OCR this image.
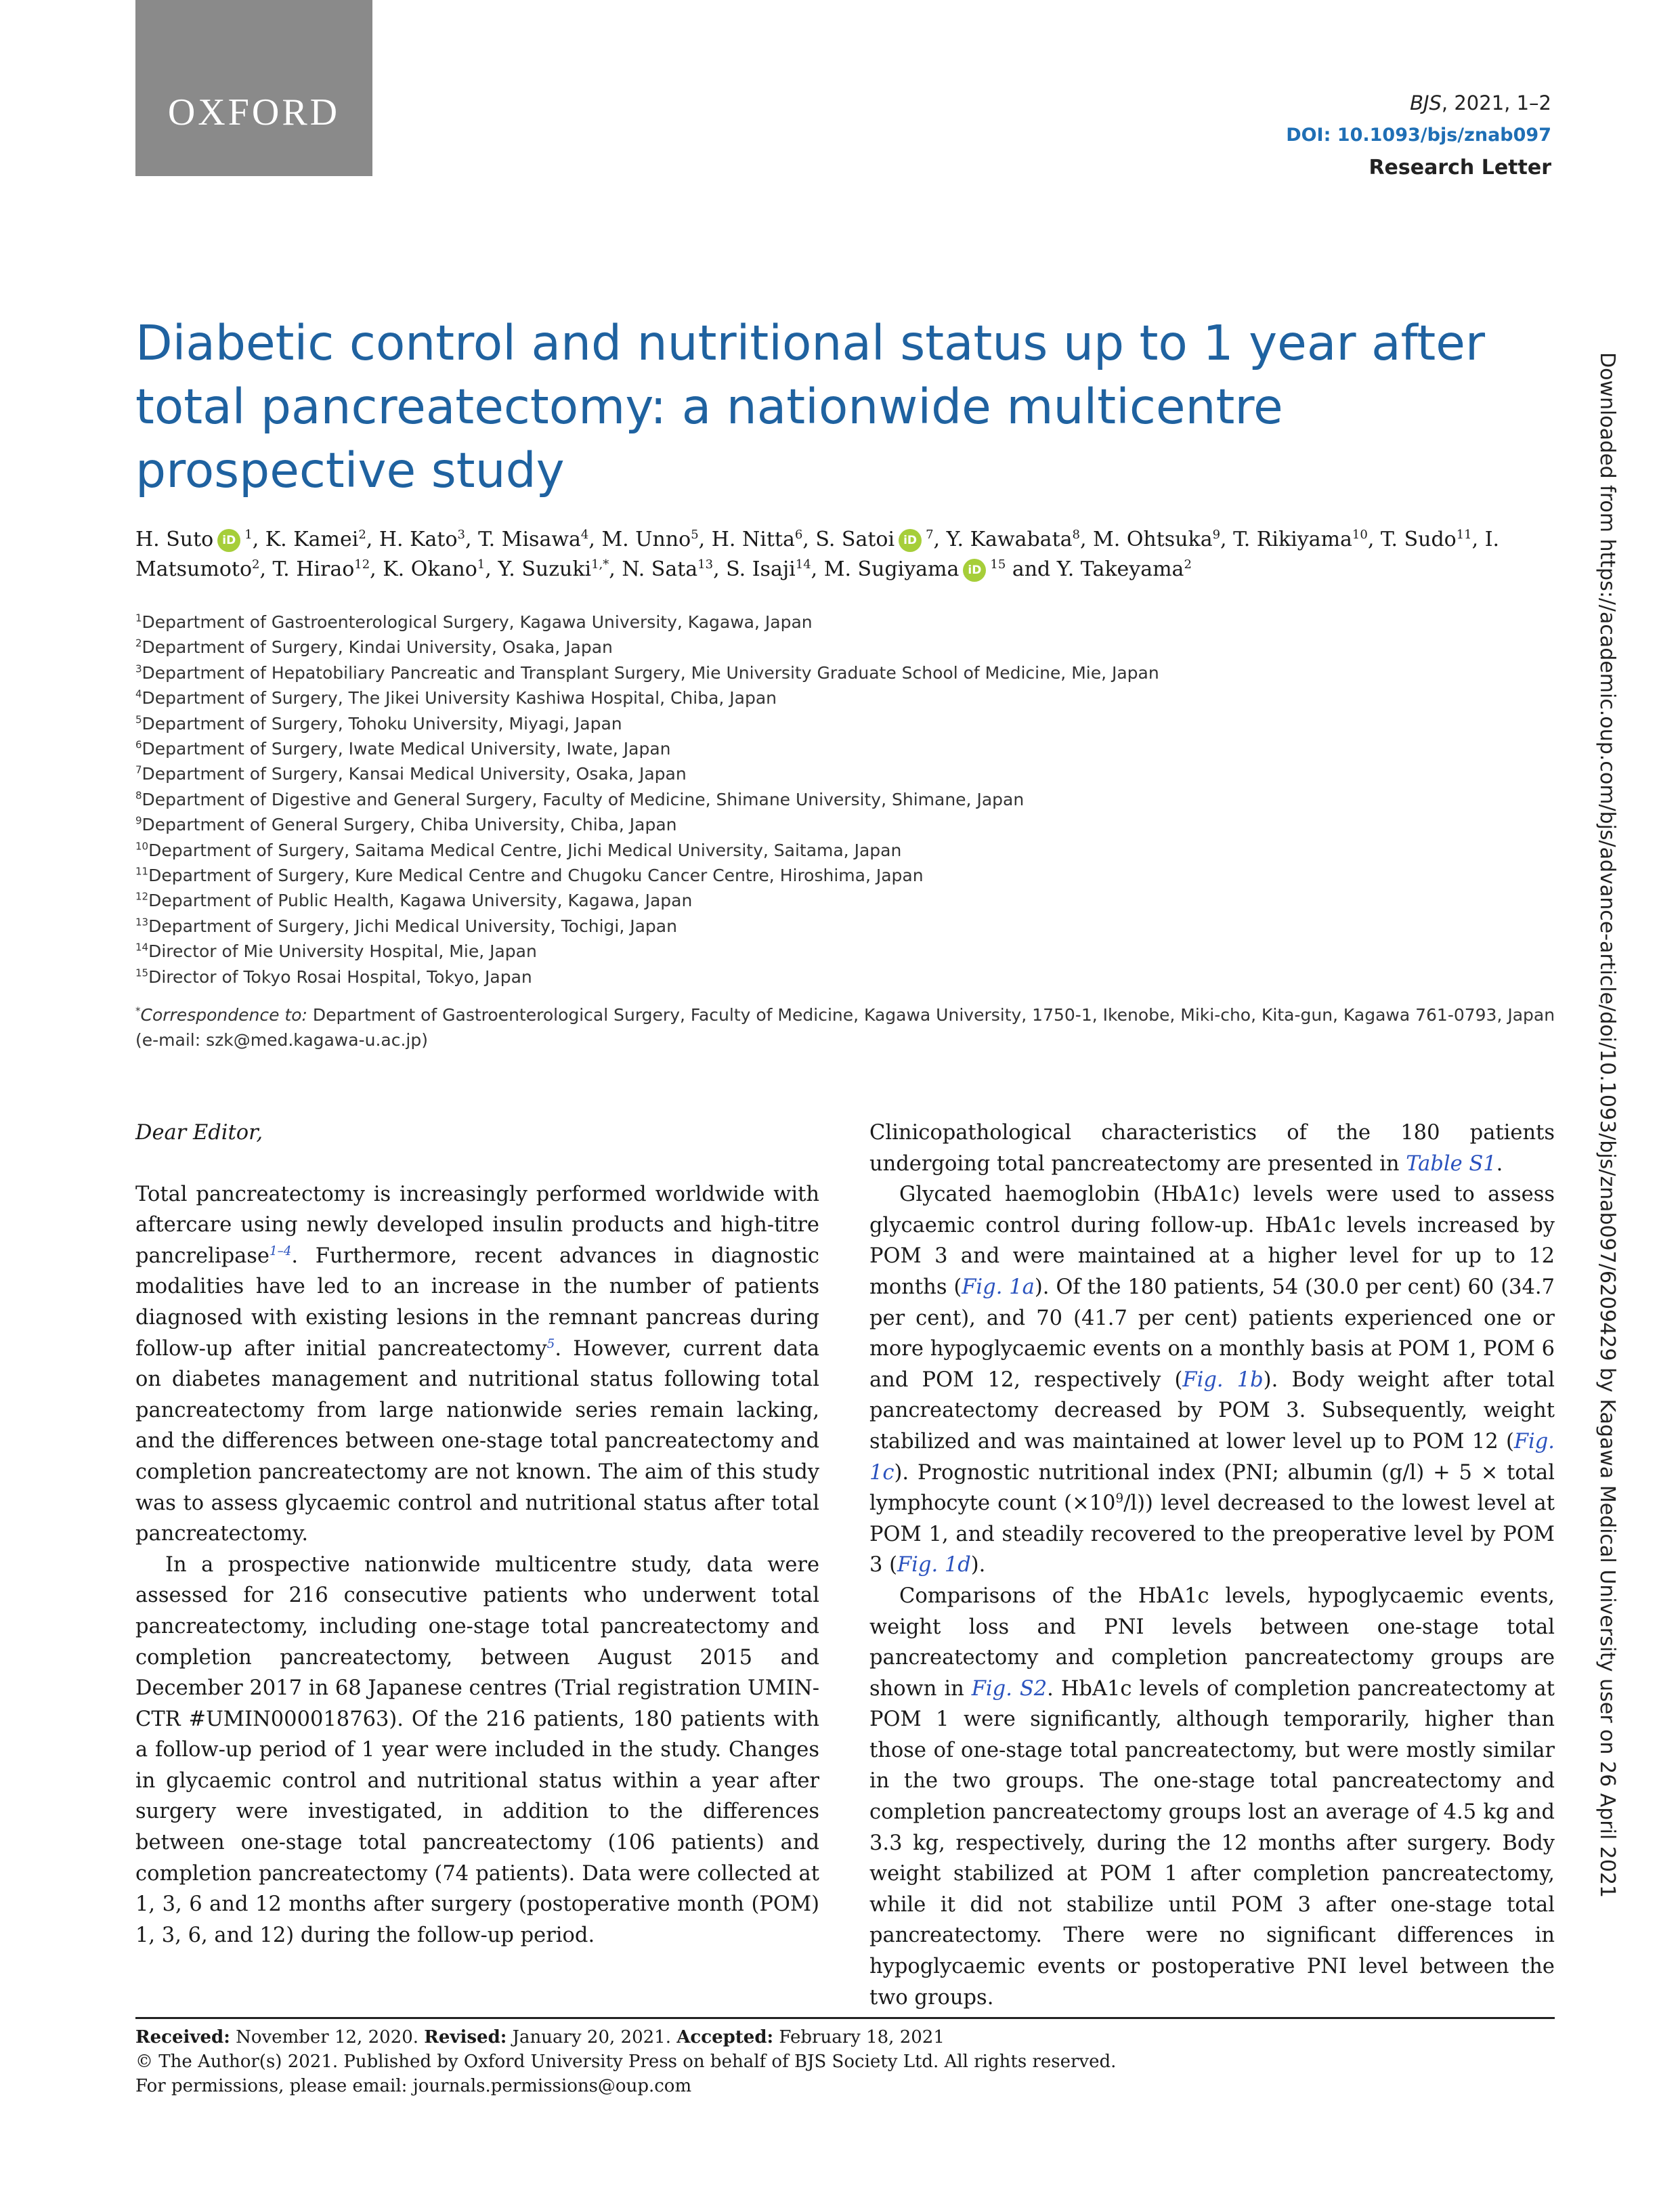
OXFORD	BJS, 2021, 1–2
DOI: 10.1093/bjs/znab097
Research Letter
Downloaded from https://academic.oup.com/bjs/advance-article/doi/10.1093/bjs/znab097/6209429 by Kagawa Medical University user on 26 April 2021
Diabetic control and nutritional status up to 1 year after total pancreatectomy: a nationwide multicentre prospective study
H. Suto iD $^1$, K. Kamei$^2$, H. Kato$^3$, T. Misawa$^4$, M. Unno$^5$, H. Nitta$^6$, S. Satoi iD $^7$, Y. Kawabata$^8$, M. Ohtsuka$^9$, T. Rikiyama$^{10}$, T. Sudo$^{11}$, I. Matsumoto$^2$, T. Hirao$^{12}$, K. Okano$^1$, Y. Suzuki$^{1,*}$, N. Sata$^{13}$, S. Isaji$^{14}$, M. Sugiyama iD $^{15}$ and Y. Takeyama$^2$
$^1$Department of Gastroenterological Surgery, Kagawa University, Kagawa, Japan
$^2$Department of Surgery, Kindai University, Osaka, Japan
$^3$Department of Hepatobiliary Pancreatic and Transplant Surgery, Mie University Graduate School of Medicine, Mie, Japan
$^4$Department of Surgery, The Jikei University Kashiwa Hospital, Chiba, Japan
$^5$Department of Surgery, Tohoku University, Miyagi, Japan
$^6$Department of Surgery, Iwate Medical University, Iwate, Japan
$^7$Department of Surgery, Kansai Medical University, Osaka, Japan
$^8$Department of Digestive and General Surgery, Faculty of Medicine, Shimane University, Shimane, Japan
$^9$Department of General Surgery, Chiba University, Chiba, Japan
$^{10}$Department of Surgery, Saitama Medical Centre, Jichi Medical University, Saitama, Japan
$^{11}$Department of Surgery, Kure Medical Centre and Chugoku Cancer Centre, Hiroshima, Japan
$^{12}$Department of Public Health, Kagawa University, Kagawa, Japan
$^{13}$Department of Surgery, Jichi Medical University, Tochigi, Japan
$^{14}$Director of Mie University Hospital, Mie, Japan
$^{15}$Director of Tokyo Rosai Hospital, Tokyo, Japan
*Correspondence to: Department of Gastroenterological Surgery, Faculty of Medicine, Kagawa University, 1750-1, Ikenobe, Miki-cho, Kita-gun, Kagawa 761-0793, Japan (e-mail: szk@med.kagawa-u.ac.jp)

Dear Editor,

Total pancreatectomy is increasingly performed worldwide with aftercare using newly developed insulin products and high-titre pancrelipase$^{1-4}$. Furthermore, recent advances in diagnostic modalities have led to an increase in the number of patients diagnosed with existing lesions in the remnant pancreas during follow-up after initial pancreatectomy$^5$. However, current data on diabetes management and nutritional status following total pancreatectomy from large nationwide series remain lacking, and the differences between one-stage total pancreatectomy and completion pancreatectomy are not known. The aim of this study was to assess glycaemic control and nutritional status after total pancreatectomy.

In a prospective nationwide multicentre study, data were assessed for 216 consecutive patients who underwent total pancreatectomy, including one-stage total pancreatectomy and completion pancreatectomy, between August 2015 and December 2017 in 68 Japanese centres (Trial registration UMIN-CTR #UMIN000018763). Of the 216 patients, 180 patients with a follow-up period of 1 year were included in the study. Changes in glycaemic control and nutritional status within a year after surgery were investigated, in addition to the differences between one-stage total pancreatectomy (106 patients) and completion pancreatectomy (74 patients). Data were collected at 1, 3, 6 and 12 months after surgery (postoperative month (POM) 1, 3, 6, and 12) during the follow-up period.

Clinicopathological characteristics of the 180 patients undergoing total pancreatectomy are presented in Table S1.

Glycated haemoglobin (HbA1c) levels were used to assess glycaemic control during follow-up. HbA1c levels increased by POM 3 and were maintained at a higher level for up to 12 months (Fig. 1a). Of the 180 patients, 54 (30.0 per cent) 60 (34.7 per cent), and 70 (41.7 per cent) patients experienced one or more hypoglycaemic events on a monthly basis at POM 1, POM 6 and POM 12, respectively (Fig. 1b). Body weight after total pancreatectomy decreased by POM 3. Subsequently, weight stabilized and was maintained at lower level up to POM 12 (Fig. 1c). Prognostic nutritional index (PNI; albumin (g/l) + 5 × total lymphocyte count $(\times 10^9/l)$) level decreased to the lowest level at POM 1, and steadily recovered to the preoperative level by POM 3 (Fig. 1d).

Comparisons of the HbA1c levels, hypoglycaemic events, weight loss and PNI levels between one-stage total pancreatectomy and completion pancreatectomy groups are shown in Fig. S2. HbA1c levels of completion pancreatectomy at POM 1 were significantly, although temporarily, higher than those of one-stage total pancreatectomy, but were mostly similar in the two groups. The one-stage total pancreatectomy and completion pancreatectomy groups lost an average of 4.5 kg and 3.3 kg, respectively, during the 12 months after surgery. Body weight stabilized at POM 1 after completion pancreatectomy, while it did not stabilize until POM 3 after one-stage total pancreatectomy. There were no significant differences in hypoglycaemic events or postoperative PNI level between the two groups.

Received: November 12, 2020. Revised: January 20, 2021. Accepted: February 18, 2021
© The Author(s) 2021. Published by Oxford University Press on behalf of BJS Society Ltd. All rights reserved.
For permissions, please email: journals.permissions@oup.com
